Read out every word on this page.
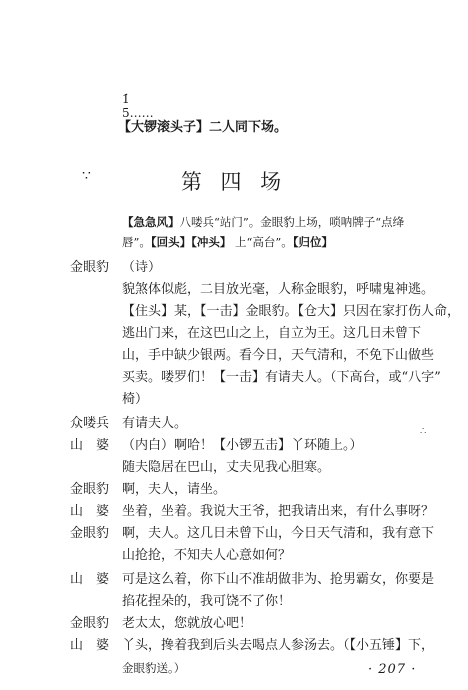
1̇
5……
【大锣滚头子】二人同下场。
∵	第 四 场
【急急风】八喽兵“站门”。金眼豹上场，唢呐牌子“点绛
唇”。【回头】【冲头】 上“高台”。【归位】
金眼豹 （诗）
貌煞体似彪，二目放光毫，人称金眼豹，呼啸鬼神逃。
【住头】某，【一击】金眼豹。【仓大】只因在家打伤人命，
逃出门来，在这巴山之上，自立为王。这几日未曾下
山，手中缺少银两。看今日，天气清和，不免下山做些
买卖。喽罗们！【一击】有请夫人。（下高台，或“八字”
椅）
众喽兵 有请夫人。
山　婆 （内白）啊哈！【小锣五击】丫环随上。）
∴
随夫隐居在巴山，丈夫见我心胆寒。
金眼豹 啊，夫人，请坐。
山　婆 坐着，坐着。我说大王爷，把我请出来，有什么事呀？
金眼豹 啊，夫人。这几日未曾下山，今日天气清和，我有意下
山抢抢，不知夫人心意如何？
山　婆 可是这么着，你下山不准胡做非为、抢男霸女，你要是
掐花捏朵的，我可饶不了你！
金眼豹 老太太，您就放心吧！
山　婆 丫头，搀着我到后头去喝点人参汤去。（【小五锤】下，
金眼豹送。）	· 207 ·
